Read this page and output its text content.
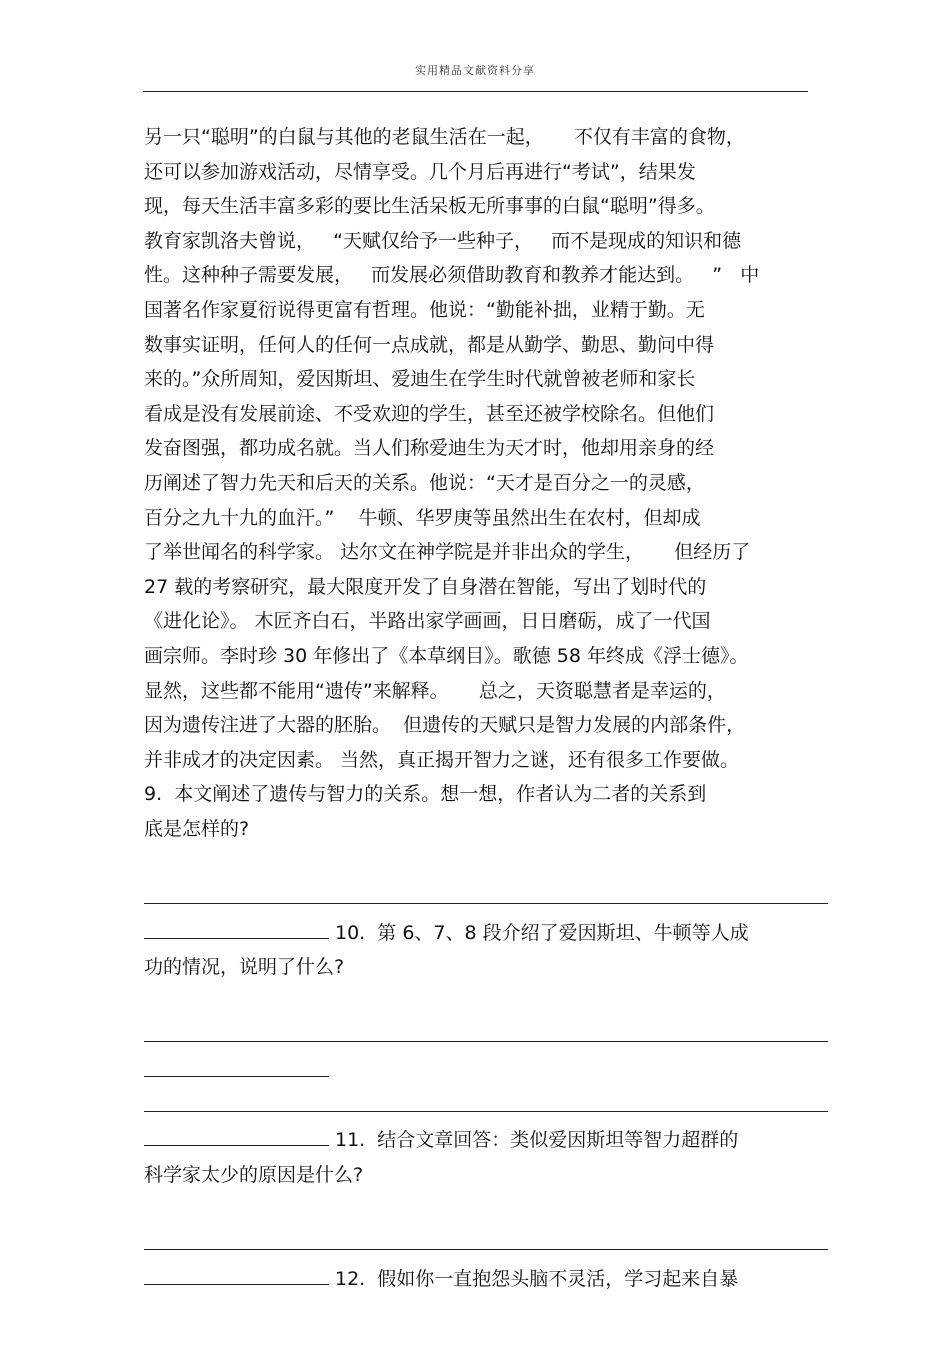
实用精品文献资料分享
另一只“聪明”的白鼠与其他的老鼠生活在一起，     不仅有丰富的食物，
还可以参加游戏活动，尽情享受。几个月后再进行“考试”，结果发
现，每天生活丰富多彩的要比生活呆板无所事事的白鼠“聪明”得多。
教育家凯洛夫曾说，   “天赋仅给予一些种子，   而不是现成的知识和德
性。这种种子需要发展，   而发展必须借助教育和教养才能达到。   ”   中
国著名作家夏衍说得更富有哲理。他说：“勤能补拙，业精于勤。无
数事实证明，任何人的任何一点成就，都是从勤学、勤思、勤问中得
来的。”众所周知，爱因斯坦、爱迪生在学生时代就曾被老师和家长
看成是没有发展前途、不受欢迎的学生，甚至还被学校除名。但他们
发奋图强，都功成名就。当人们称爱迪生为天才时，他却用亲身的经
历阐述了智力先天和后天的关系。他说：“天才是百分之一的灵感，
百分之九十九的血汗。”    牛顿、华罗庚等虽然出生在农村，但却成
了举世闻名的科学家。 达尔文在神学院是并非出众的学生，     但经历了
27 载的考察研究，最大限度开发了自身潜在智能，写出了划时代的
《进化论》。 木匠齐白石，半路出家学画画，日日磨砺，成了一代国
画宗师。李时珍 30 年修出了《本草纲目》。歌德 58 年终成《浮士德》。
显然，这些都不能用“遗传”来解释。     总之，天资聪慧者是幸运的，
因为遗传注进了大器的胚胎。  但遗传的天赋只是智力发展的内部条件，
并非成才的决定因素。 当然，真正揭开智力之谜，还有很多工作要做。
9.  本文阐述了遗传与智力的关系。想一想，作者认为二者的关系到
底是怎样的?
10.  第 6、7、8 段介绍了爱因斯坦、牛顿等人成
功的情况，说明了什么?
11.  结合文章回答：类似爱因斯坦等智力超群的
科学家太少的原因是什么?
12.  假如你一直抱怨头脑不灵活，学习起来自暴
